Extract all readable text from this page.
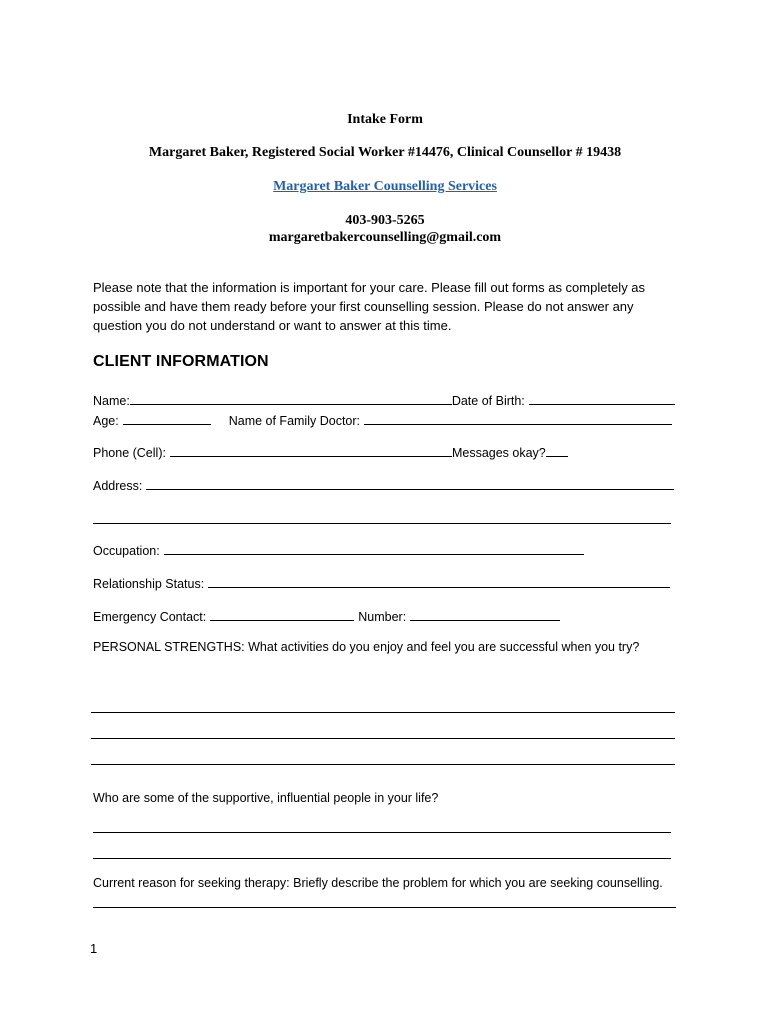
Intake Form
Margaret Baker, Registered Social Worker #14476, Clinical Counsellor # 19438
Margaret Baker Counselling Services
403-903-5265
margaretbakercounselling@gmail.com
Please note that the information is important for your care. Please fill out forms as completely as possible and have them ready before your first counselling session. Please do not answer any question you do not understand or want to answer at this time.
CLIENT INFORMATION
Name:	Date of Birth:
Age:	Name of Family Doctor:
Phone (Cell):	Messages okay?
Address:
Occupation:
Relationship Status:
Emergency Contact:	Number:
PERSONAL STRENGTHS: What activities do you enjoy and feel you are successful when you try?
Who are some of the supportive, influential people in your life?
Current reason for seeking therapy: Briefly describe the problem for which you are seeking counselling.
1
